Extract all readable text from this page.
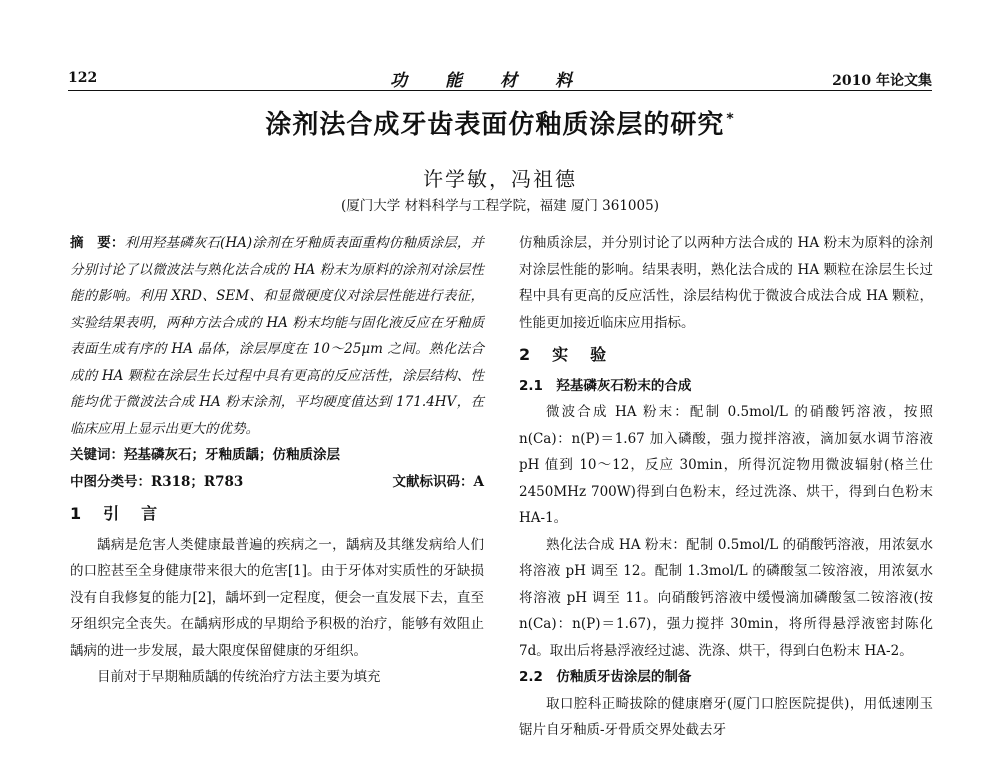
122	功能材料	2010 年论文集
涂剂法合成牙齿表面仿釉质涂层的研究 *
许学敏，冯祖德
(厦门大学 材料科学与工程学院，福建 厦门 361005)

摘　要：利用羟基磷灰石(HA)涂剂在牙釉质表面重构仿釉质涂层，并分别讨论了以微波法与熟化法合成的 HA 粉末为原料的涂剂对涂层性能的影响。利用 XRD、SEM、和显微硬度仪对涂层性能进行表征，实验结果表明，两种方法合成的 HA 粉末均能与固化液反应在牙釉质表面生成有序的 HA 晶体，涂层厚度在 10～25μm 之间。熟化法合成的 HA 颗粒在涂层生长过程中具有更高的反应活性，涂层结构、性能均优于微波法合成 HA 粉末涂剂，平均硬度值达到 171.4HV，在临床应用上显示出更大的优势。

关键词：羟基磷灰石；牙釉质龋；仿釉质涂层

中图分类号：R318；R783	文献标识码：A

1　引　言

龋病是危害人类健康最普遍的疾病之一，龋病及其继发病给人们的口腔甚至全身健康带来很大的危害[1]。由于牙体对实质性的牙缺损没有自我修复的能力[2]，龋坏到一定程度，便会一直发展下去，直至牙组织完全丧失。在龋病形成的早期给予积极的治疗，能够有效阻止龋病的进一步发展，最大限度保留健康的牙组织。

目前对于早期釉质龋的传统治疗方法主要为填充

仿釉质涂层，并分别讨论了以两种方法合成的 HA 粉末为原料的涂剂对涂层性能的影响。结果表明，熟化法合成的 HA 颗粒在涂层生长过程中具有更高的反应活性，涂层结构优于微波合成法合成 HA 颗粒，性能更加接近临床应用指标。

2　实　验
2.1　羟基磷灰石粉末的合成

微波合成 HA 粉末：配制 0.5mol/L 的硝酸钙溶液，按照 n(Ca)：n(P)＝1.67 加入磷酸，强力搅拌溶液，滴加氨水调节溶液 pH 值到 10～12，反应 30min，所得沉淀物用微波辐射(格兰仕 2450MHz 700W)得到白色粉末，经过洗涤、烘干，得到白色粉末 HA-1。

熟化法合成 HA 粉末：配制 0.5mol/L 的硝酸钙溶液，用浓氨水将溶液 pH 调至 12。配制 1.3mol/L 的磷酸氢二铵溶液，用浓氨水将溶液 pH 调至 11。向硝酸钙溶液中缓慢滴加磷酸氢二铵溶液(按 n(Ca)：n(P)＝1.67)，强力搅拌 30min，将所得悬浮液密封陈化 7d。取出后将悬浮液经过滤、洗涤、烘干，得到白色粉末 HA-2。

2.2　仿釉质牙齿涂层的制备

取口腔科正畸拔除的健康磨牙(厦门口腔医院提供)，用低速刚玉锯片自牙釉质-牙骨质交界处截去牙
